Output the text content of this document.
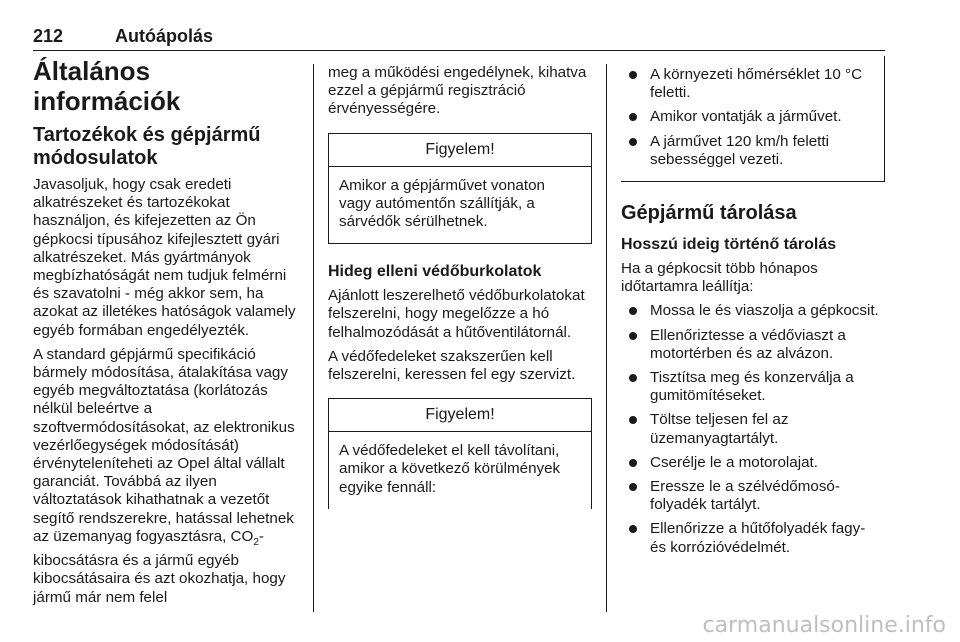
212	Autóápolás
Általános információk
Tartozékok és gépjármű módosulatok

Javasoljuk, hogy csak eredeti alkatrészeket és tartozékokat használjon, és kifejezetten az Ön gépkocsi típusához kifejlesztett gyári alkatrészeket. Más gyártmányok megbízhatóságát nem tudjuk felmérni és szavatolni - még akkor sem, ha azokat az illetékes hatóságok valamely egyéb formában engedélyezték.

A standard gépjármű specifikáció bármely módosítása, átalakítása vagy egyéb megváltoztatása (korlátozás nélkül beleértve a szoftvermódosításokat, az elektronikus vezérlőegységek módosítását) érvényteleníteheti az Opel által vállalt garanciát. Továbbá az ilyen változtatások kihathatnak a vezetőt segítő rendszerekre, hatással lehetnek az üzemanyag fogyasztásra, $CO_2$-kibocsátásra és a jármű egyéb kibocsátásaira és azt okozhatja, hogy jármű már nem felel

meg a működési engedélynek, kihatva ezzel a gépjármű regisztráció érvényességére.

Figyelem!
Amikor a gépjárművet vonaton vagy autómentőn szállítják, a sárvédők sérülhetnek.
Hideg elleni védőburkolatok

Ajánlott leszerelhető védőburkolatokat felszerelni, hogy megelőzze a hó felhalmozódását a hűtőventilátornál.

A védőfedeleket szakszerűen kell felszerelni, keressen fel egy szervizt.

Figyelem!
A védőfedeleket el kell távolítani, amikor a következő körülmények egyike fennáll:
A környezeti hőmérséklet 10 °C feletti.
Amikor vontatják a járművet.
A járművet 120 km/h feletti sebességgel vezeti.
Gépjármű tárolása
Hosszú ideig történő tárolás

Ha a gépkocsit több hónapos időtartamra leállítja:

Mossa le és viaszolja a gépkocsit.
Ellenőriztesse a védőviaszt a motortérben és az alvázon.
Tisztítsa meg és konzerválja a gumitömítéseket.
Töltse teljesen fel az üzemanyagtartályt.
Cserélje le a motorolajat.
Eressze le a szélvédőmosó-folyadék tartályt.
Ellenőrizze a hűtőfolyadék fagy- és korrózióvédelmét.
carmanualsonline.info
